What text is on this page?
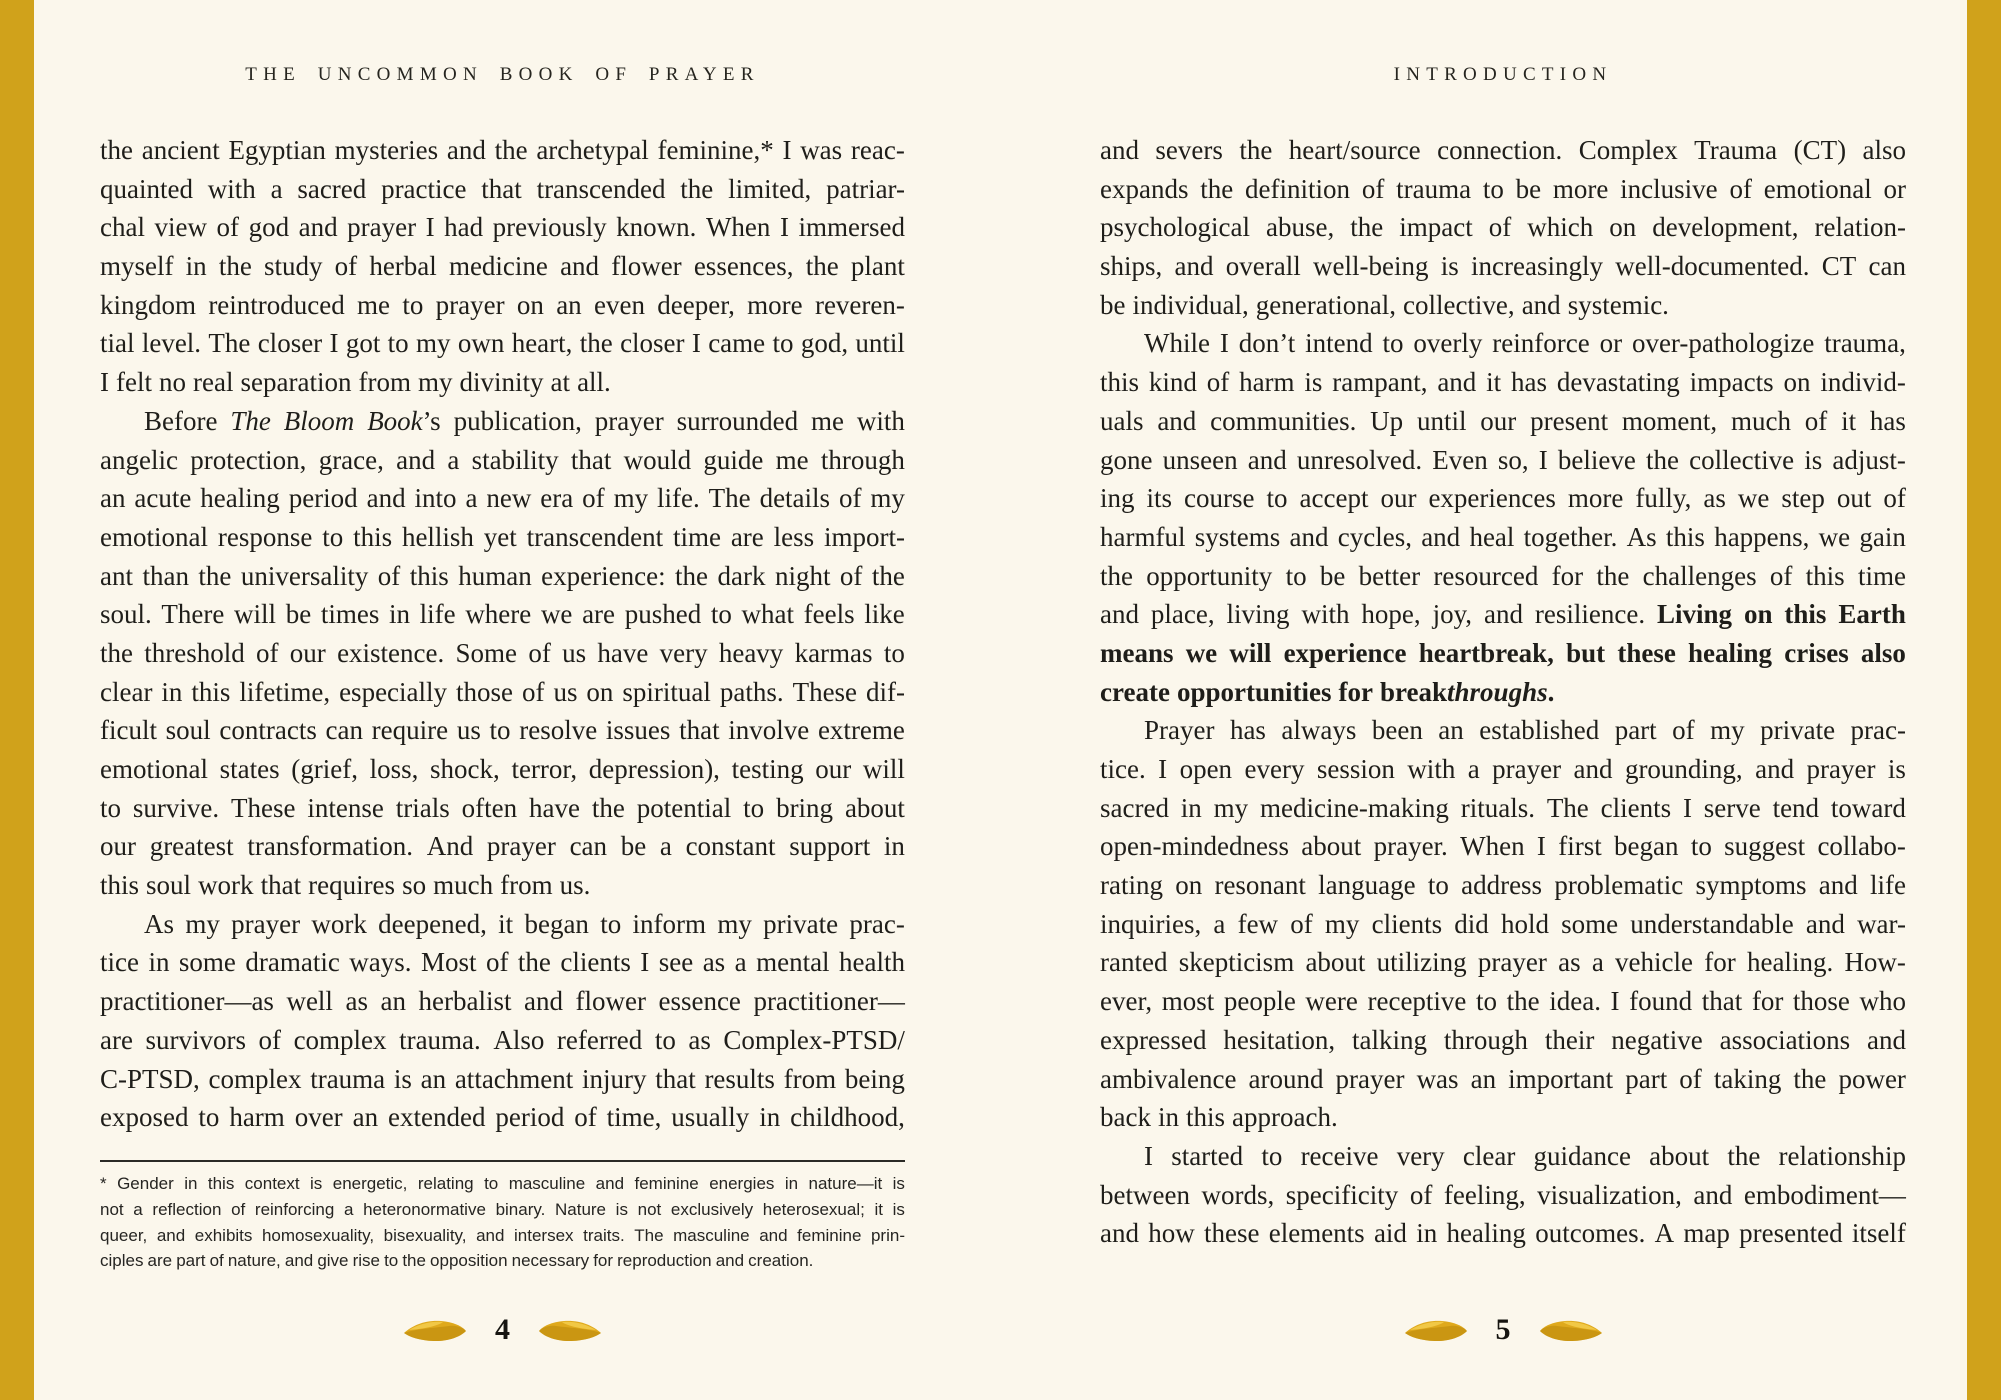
THE UNCOMMON BOOK OF PRAYER
the ancient Egyptian mysteries and the archetypal feminine,* I was reac-
quainted with a sacred practice that transcended the limited, patriar-
chal view of god and prayer I had previously known. When I immersed
myself in the study of herbal medicine and flower essences, the plant
kingdom reintroduced me to prayer on an even deeper, more reveren-
tial level. The closer I got to my own heart, the closer I came to god, until
I felt no real separation from my divinity at all.
Before The Bloom Book’s publication, prayer surrounded me with
angelic protection, grace, and a stability that would guide me through
an acute healing period and into a new era of my life. The details of my
emotional response to this hellish yet transcendent time are less import-
ant than the universality of this human experience: the dark night of the
soul. There will be times in life where we are pushed to what feels like
the threshold of our existence. Some of us have very heavy karmas to
clear in this lifetime, especially those of us on spiritual paths. These dif-
ficult soul contracts can require us to resolve issues that involve extreme
emotional states (grief, loss, shock, terror, depression), testing our will
to survive. These intense trials often have the potential to bring about
our greatest transformation. And prayer can be a constant support in
this soul work that requires so much from us.
As my prayer work deepened, it began to inform my private prac-
tice in some dramatic ways. Most of the clients I see as a mental health
practitioner—as well as an herbalist and flower essence practitioner—
are survivors of complex trauma. Also referred to as Complex-PTSD/
C-PTSD, complex trauma is an attachment injury that results from being
exposed to harm over an extended period of time, usually in childhood,
* Gender in this context is energetic, relating to masculine and feminine energies in nature—it is
not a reflection of reinforcing a heteronormative binary. Nature is not exclusively heterosexual; it is
queer, and exhibits homosexuality, bisexuality, and intersex traits. The masculine and feminine prin-
ciples are part of nature, and give rise to the opposition necessary for reproduction and creation.
4
INTRODUCTION
and severs the heart/source connection. Complex Trauma (CT) also
expands the definition of trauma to be more inclusive of emotional or
psychological abuse, the impact of which on development, relation-
ships, and overall well-being is increasingly well-documented. CT can
be individual, generational, collective, and systemic.
While I don’t intend to overly reinforce or over-pathologize trauma,
this kind of harm is rampant, and it has devastating impacts on individ-
uals and communities. Up until our present moment, much of it has
gone unseen and unresolved. Even so, I believe the collective is adjust-
ing its course to accept our experiences more fully, as we step out of
harmful systems and cycles, and heal together. As this happens, we gain
the opportunity to be better resourced for the challenges of this time
and place, living with hope, joy, and resilience. Living on this Earth
means we will experience heartbreak, but these healing crises also
create opportunities for breakthroughs.
Prayer has always been an established part of my private prac-
tice. I open every session with a prayer and grounding, and prayer is
sacred in my medicine-making rituals. The clients I serve tend toward
open-mindedness about prayer. When I first began to suggest collabo-
rating on resonant language to address problematic symptoms and life
inquiries, a few of my clients did hold some understandable and war-
ranted skepticism about utilizing prayer as a vehicle for healing. How-
ever, most people were receptive to the idea. I found that for those who
expressed hesitation, talking through their negative associations and
ambivalence around prayer was an important part of taking the power
back in this approach.
I started to receive very clear guidance about the relationship
between words, specificity of feeling, visualization, and embodiment—
and how these elements aid in healing outcomes. A map presented itself
5
